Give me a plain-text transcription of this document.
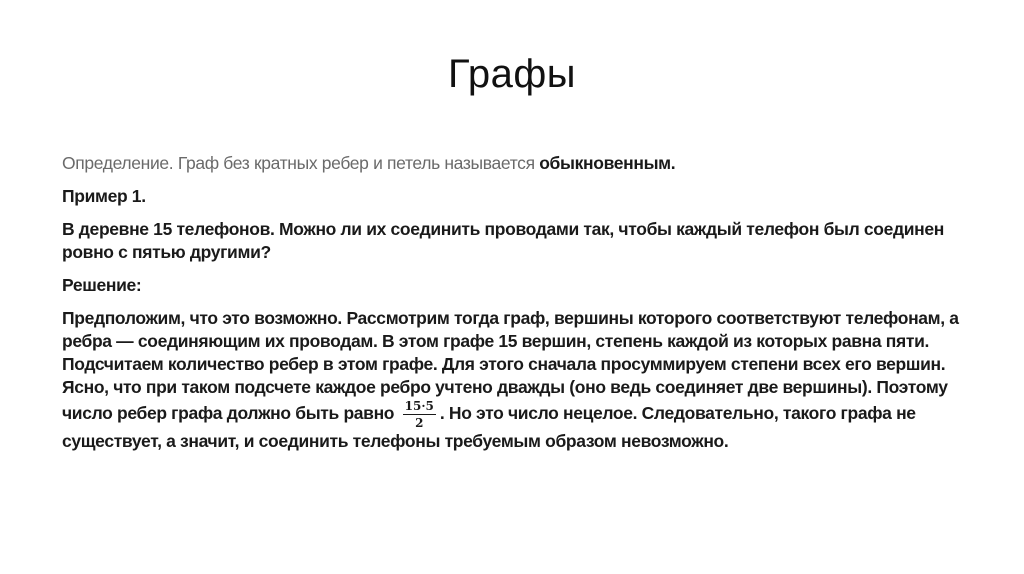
Графы

Определение. Граф без кратных ребер и петель называется обыкновенным.

Пример 1.

В деревне 15 телефонов. Можно ли их соединить проводами так, чтобы каждый телефон был соединен ровно с пятью другими?

Решение:

Предположим, что это возможно. Рассмотрим тогда граф, вершины которого соответствуют телефонам, а ребра — соединяющим их проводам. В этом графе 15 вершин, степень каждой из которых равна пяти. Подсчитаем количество ребер в этом графе. Для этого сначала просуммируем степени всех его вершин. Ясно, что при таком подсчете каждое ребро учтено дважды (оно ведь соединяет две вершины). Поэтому число ребер графа должно быть равно $\frac{15\cdot 5}{2}$ . Но это число нецелое. Следовательно, такого графа не существует, а значит, и соединить телефоны требуемым образом невозможно.
